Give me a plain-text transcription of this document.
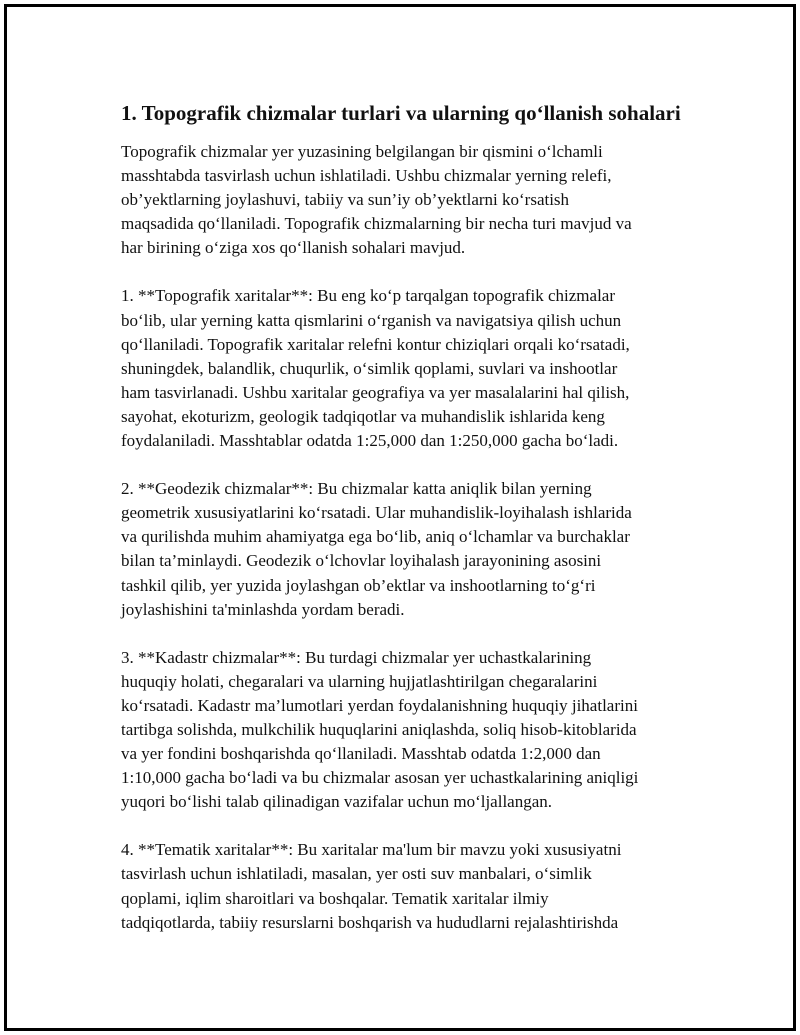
1. Topografik chizmalar turlari va ularning qo‘llanish sohalari

Topografik chizmalar yer yuzasining belgilangan bir qismini o‘lchamli
masshtabda tasvirlash uchun ishlatiladi. Ushbu chizmalar yerning relefi,
ob’yektlarning joylashuvi, tabiiy va sun’iy ob’yektlarni ko‘rsatish
maqsadida qo‘llaniladi. Topografik chizmalarning bir necha turi mavjud va
har birining o‘ziga xos qo‘llanish sohalari mavjud.

1. **Topografik xaritalar**: Bu eng ko‘p tarqalgan topografik chizmalar
bo‘lib, ular yerning katta qismlarini o‘rganish va navigatsiya qilish uchun
qo‘llaniladi. Topografik xaritalar relefni kontur chiziqlari orqali ko‘rsatadi,
shuningdek, balandlik, chuqurlik, o‘simlik qoplami, suvlari va inshootlar
ham tasvirlanadi. Ushbu xaritalar geografiya va yer masalalarini hal qilish,
sayohat, ekoturizm, geologik tadqiqotlar va muhandislik ishlarida keng
foydalaniladi. Masshtablar odatda 1:25,000 dan 1:250,000 gacha bo‘ladi.

2. **Geodezik chizmalar**: Bu chizmalar katta aniqlik bilan yerning
geometrik xususiyatlarini ko‘rsatadi. Ular muhandislik-loyihalash ishlarida
va qurilishda muhim ahamiyatga ega bo‘lib, aniq o‘lchamlar va burchaklar
bilan ta’minlaydi. Geodezik o‘lchovlar loyihalash jarayonining asosini
tashkil qilib, yer yuzida joylashgan ob’ektlar va inshootlarning to‘g‘ri
joylashishini ta'minlashda yordam beradi.

3. **Kadastr chizmalar**: Bu turdagi chizmalar yer uchastkalarining
huquqiy holati, chegaralari va ularning hujjatlashtirilgan chegaralarini
ko‘rsatadi. Kadastr ma’lumotlari yerdan foydalanishning huquqiy jihatlarini
tartibga solishda, mulkchilik huquqlarini aniqlashda, soliq hisob-kitoblarida
va yer fondini boshqarishda qo‘llaniladi. Masshtab odatda 1:2,000 dan
1:10,000 gacha bo‘ladi va bu chizmalar asosan yer uchastkalarining aniqligi
yuqori bo‘lishi talab qilinadigan vazifalar uchun mo‘ljallangan.

4. **Tematik xaritalar**: Bu xaritalar ma'lum bir mavzu yoki xususiyatni
tasvirlash uchun ishlatiladi, masalan, yer osti suv manbalari, o‘simlik
qoplami, iqlim sharoitlari va boshqalar. Tematik xaritalar ilmiy
tadqiqotlarda, tabiiy resurslarni boshqarish va hududlarni rejalashtirishda
